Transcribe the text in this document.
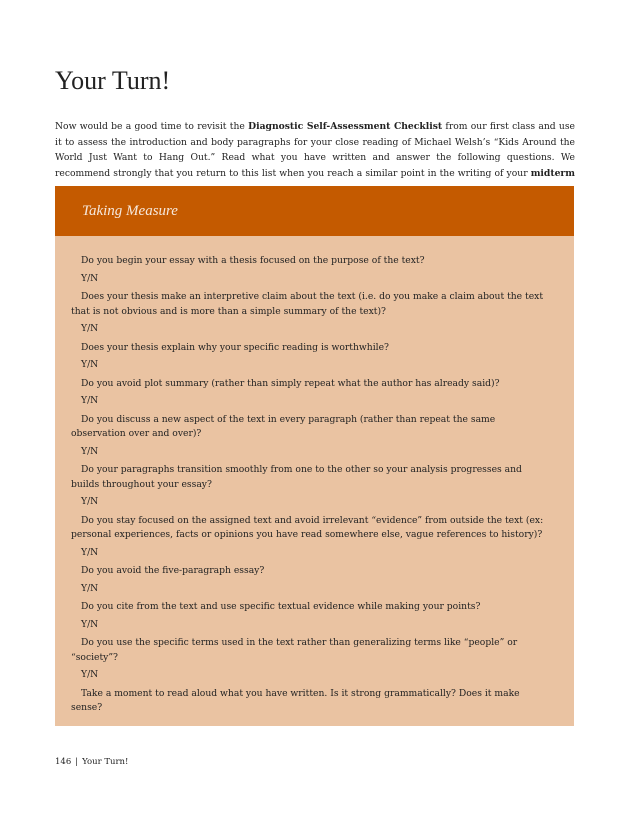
Your Turn!

Now would be a good time to revisit the Diagnostic Self-Assessment Checklist from our first class and use it to assess the introduction and body paragraphs for your close reading of Michael Welsh’s “Kids Around the World Just Want to Hang Out.” Read what you have written and answer the following questions. We recommend strongly that you return to this list when you reach a similar point in the writing of your midterm

Taking Measure

Do you begin your essay with a thesis focused on the purpose of the text?

Y/N

Does your thesis make an interpretive claim about the text (i.e. do you make a claim about the text that is not obvious and is more than a simple summary of the text)?

Y/N

Does your thesis explain why your specific reading is worthwhile?

Y/N

Do you avoid plot summary (rather than simply repeat what the author has already said)?

Y/N

Do you discuss a new aspect of the text in every paragraph (rather than repeat the same observation over and over)?

Y/N

Do your paragraphs transition smoothly from one to the other so your analysis progresses and builds throughout your essay?

Y/N

Do you stay focused on the assigned text and avoid irrelevant “evidence” from outside the text (ex: personal experiences, facts or opinions you have read somewhere else, vague references to history)?

Y/N

Do you avoid the five-paragraph essay?

Y/N

Do you cite from the text and use specific textual evidence while making your points?

Y/N

Do you use the specific terms used in the text rather than generalizing terms like “people” or “society”?

Y/N

Take a moment to read aloud what you have written. Is it strong grammatically? Does it make sense?

146 | Your Turn!
